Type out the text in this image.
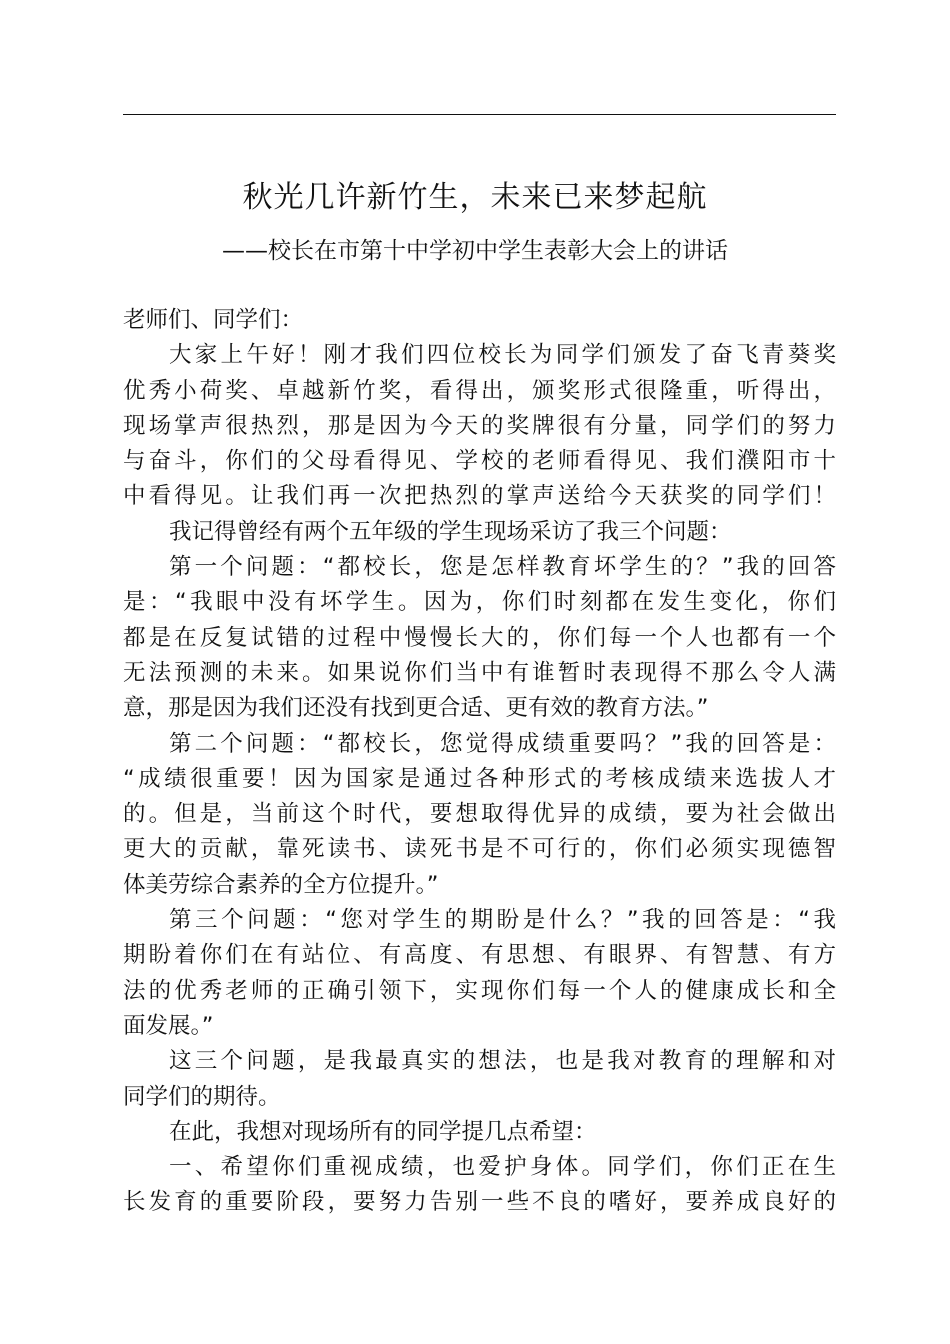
秋光几许新竹生，未来已来梦起航
——校长在市第十中学初中学生表彰大会上的讲话
老师们、同学们：
大家上午好！刚才我们四位校长为同学们颁发了奋飞青葵奖
优秀小荷奖、卓越新竹奖，看得出，颁奖形式很隆重，听得出，
现场掌声很热烈，那是因为今天的奖牌很有分量，同学们的努力
与奋斗，你们的父母看得见、学校的老师看得见、我们濮阳市十
中看得见。让我们再一次把热烈的掌声送给今天获奖的同学们！
我记得曾经有两个五年级的学生现场采访了我三个问题：
第一个问题：“都校长，您是怎样教育坏学生的？”我的回答
是：“我眼中没有坏学生。因为，你们时刻都在发生变化，你们
都是在反复试错的过程中慢慢长大的，你们每一个人也都有一个
无法预测的未来。如果说你们当中有谁暂时表现得不那么令人满
意，那是因为我们还没有找到更合适、更有效的教育方法。”
第二个问题：“都校长，您觉得成绩重要吗？”我的回答是：
“成绩很重要！因为国家是通过各种形式的考核成绩来选拔人才
的。但是，当前这个时代，要想取得优异的成绩，要为社会做出
更大的贡献，靠死读书、读死书是不可行的，你们必须实现德智
体美劳综合素养的全方位提升。”
第三个问题：“您对学生的期盼是什么？”我的回答是：“我
期盼着你们在有站位、有高度、有思想、有眼界、有智慧、有方
法的优秀老师的正确引领下，实现你们每一个人的健康成长和全
面发展。”
这三个问题，是我最真实的想法，也是我对教育的理解和对
同学们的期待。
在此，我想对现场所有的同学提几点希望：
一、希望你们重视成绩，也爱护身体。同学们，你们正在生
长发育的重要阶段，要努力告别一些不良的嗜好，要养成良好的
